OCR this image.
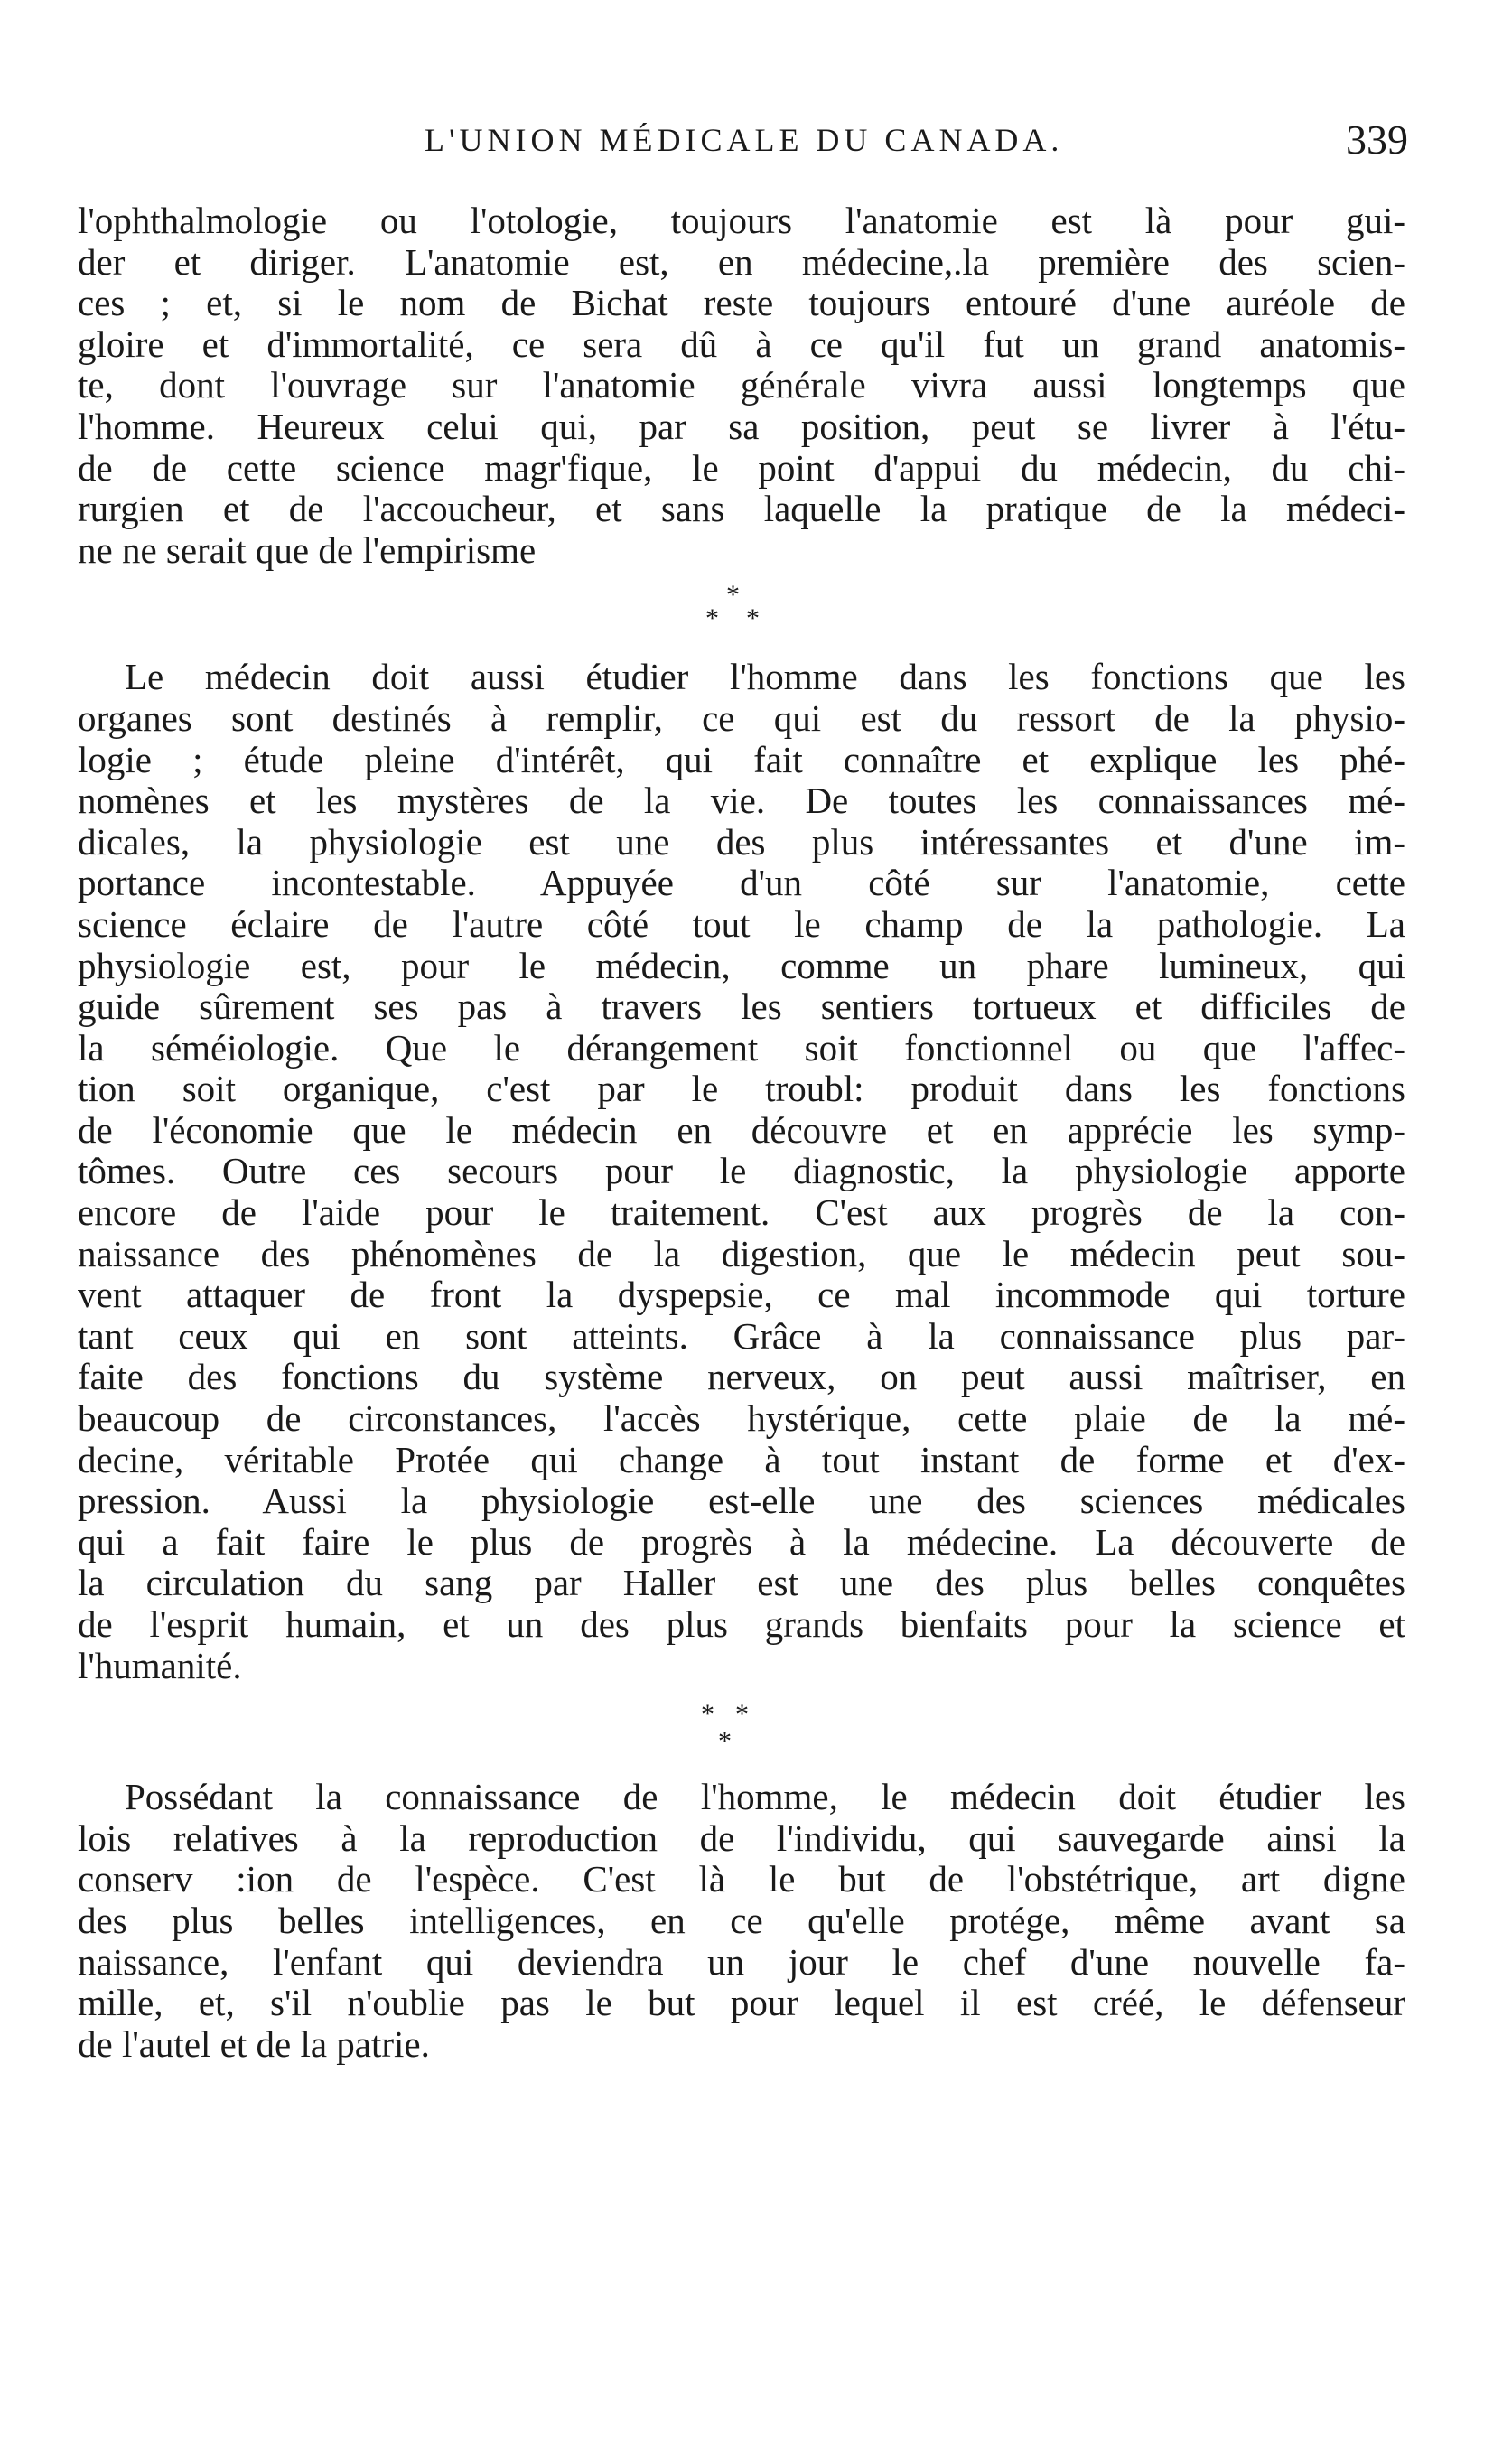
L'UNION MÉDICALE DU CANADA.	339
l'ophthalmologie ou l'otologie, toujours l'anatomie est là pour gui-
der et diriger. L'anatomie est, en médecine,.la première des scien-
ces ; et, si le nom de Bichat reste toujours entouré d'une auréole de
gloire et d'immortalité, ce sera dû à ce qu'il fut un grand anatomis-
te, dont l'ouvrage sur l'anatomie générale vivra aussi longtemps que
l'homme. Heureux celui qui, par sa position, peut se livrer à l'étu-
de de cette science magr'fique, le point d'appui du médecin, du chi-
rurgien et de l'accoucheur, et sans laquelle la pratique de la médeci-
ne ne serait que de l'empirisme
*
* *
Le médecin doit aussi étudier l'homme dans les fonctions que les
organes sont destinés à remplir, ce qui est du ressort de la physio-
logie ; étude pleine d'intérêt, qui fait connaître et explique les phé-
nomènes et les mystères de la vie. De toutes les connaissances mé-
dicales, la physiologie est une des plus intéressantes et d'une im-
portance incontestable. Appuyée d'un côté sur l'anatomie, cette
science éclaire de l'autre côté tout le champ de la pathologie. La
physiologie est, pour le médecin, comme un phare lumineux, qui
guide sûrement ses pas à travers les sentiers tortueux et difficiles de
la séméiologie. Que le dérangement soit fonctionnel ou que l'affec-
tion soit organique, c'est par le troubl: produit dans les fonctions
de l'économie que le médecin en découvre et en apprécie les symp-
tômes. Outre ces secours pour le diagnostic, la physiologie apporte
encore de l'aide pour le traitement. C'est aux progrès de la con-
naissance des phénomènes de la digestion, que le médecin peut sou-
vent attaquer de front la dyspepsie, ce mal incommode qui torture
tant ceux qui en sont atteints. Grâce à la connaissance plus par-
faite des fonctions du système nerveux, on peut aussi maîtriser, en
beaucoup de circonstances, l'accès hystérique, cette plaie de la mé-
decine, véritable Protée qui change à tout instant de forme et d'ex-
pression. Aussi la physiologie est-elle une des sciences médicales
qui a fait faire le plus de progrès à la médecine. La découverte de
la circulation du sang par Haller est une des plus belles conquêtes
de l'esprit humain, et un des plus grands bienfaits pour la science et
l'humanité.
* *
*
Possédant la connaissance de l'homme, le médecin doit étudier les
lois relatives à la reproduction de l'individu, qui sauvegarde ainsi la
conserv :ion de l'espèce. C'est là le but de l'obstétrique, art digne
des plus belles intelligences, en ce qu'elle protége, même avant sa
naissance, l'enfant qui deviendra un jour le chef d'une nouvelle fa-
mille, et, s'il n'oublie pas le but pour lequel il est créé, le défenseur
de l'autel et de la patrie.
